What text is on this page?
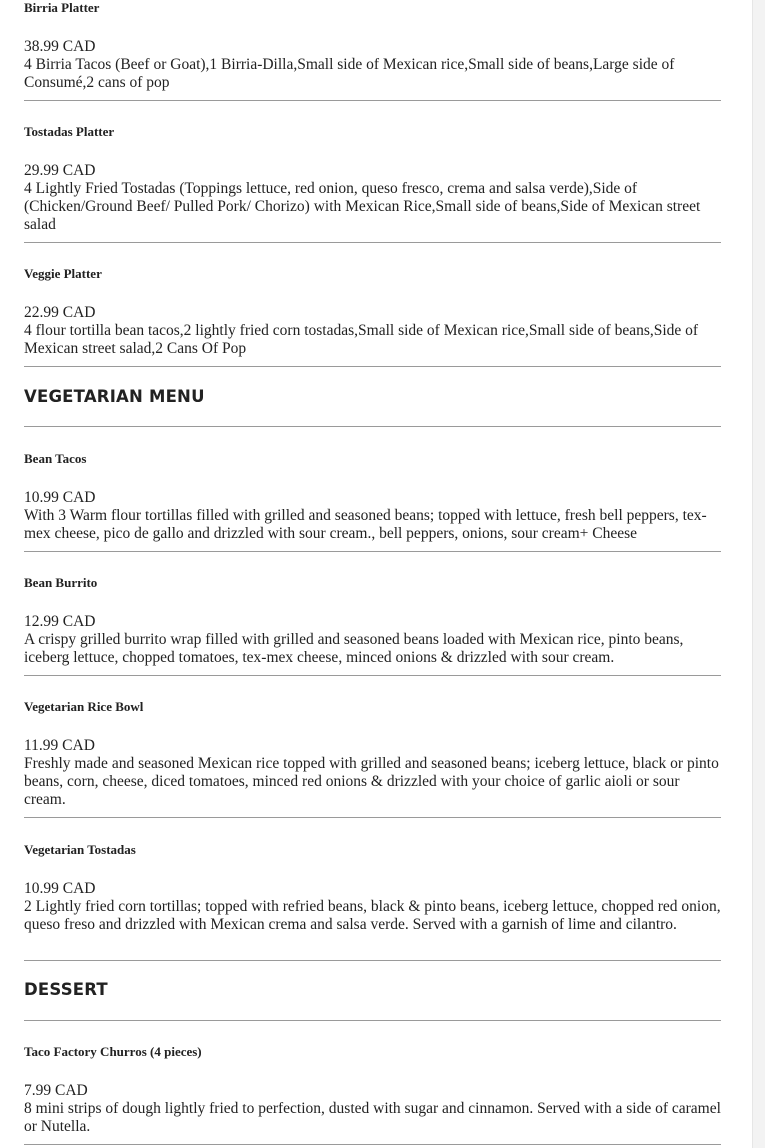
Birria Platter
38.99 CAD
4 Birria Tacos (Beef or Goat),1 Birria-Dilla,Small side of Mexican rice,Small side of beans,Large side of Consumé,2 cans of pop
Tostadas Platter
29.99 CAD
4 Lightly Fried Tostadas (Toppings lettuce, red onion, queso fresco, crema and salsa verde),Side of (Chicken/Ground Beef/ Pulled Pork/ Chorizo) with Mexican Rice,Small side of beans,Side of Mexican street salad
Veggie Platter
22.99 CAD
4 flour tortilla bean tacos,2 lightly fried corn tostadas,Small side of Mexican rice,Small side of beans,Side of Mexican street salad,2 Cans Of Pop
VEGETARIAN MENU
Bean Tacos
10.99 CAD
With 3 Warm flour tortillas filled with grilled and seasoned beans; topped with lettuce, fresh bell peppers, tex-mex cheese, pico de gallo and drizzled with sour cream., bell peppers, onions, sour cream+ Cheese
Bean Burrito
12.99 CAD
A crispy grilled burrito wrap filled with grilled and seasoned beans loaded with Mexican rice, pinto beans, iceberg lettuce, chopped tomatoes, tex-mex cheese, minced onions & drizzled with sour cream.
Vegetarian Rice Bowl
11.99 CAD
Freshly made and seasoned Mexican rice topped with grilled and seasoned beans; iceberg lettuce, black or pinto beans, corn, cheese, diced tomatoes, minced red onions & drizzled with your choice of garlic aioli or sour cream.
Vegetarian Tostadas
10.99 CAD
2 Lightly fried corn tortillas; topped with refried beans, black & pinto beans, iceberg lettuce, chopped red onion, queso freso and drizzled with Mexican crema and salsa verde. Served with a garnish of lime and cilantro.
DESSERT
Taco Factory Churros (4 pieces)
7.99 CAD
8 mini strips of dough lightly fried to perfection, dusted with sugar and cinnamon. Served with a side of caramel or Nutella.
